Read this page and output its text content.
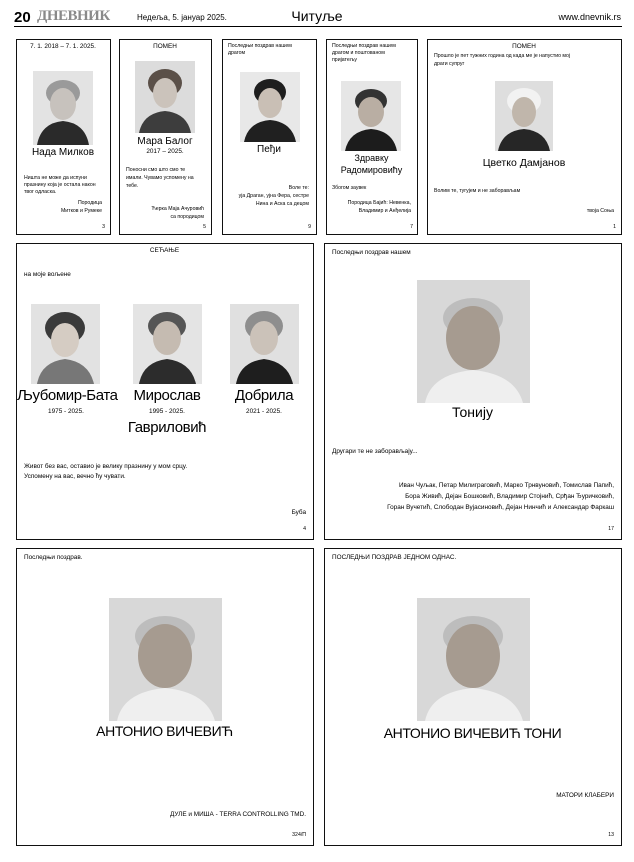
20 ДНЕВНИК	Недеља, 5. јануар 2025.	Читуље	www.dnevnik.rs
7. 1. 2018 – 7. 1. 2025.
Нада Милков
Ништа не може да испуни
празнину која је остала након
твог одласка.
Породица
Митков и Румеке
3
ПОМЕН
Мара Балог
2017 – 2025.
Поносни смо што смо те
имали. Чувамо успомену на
тебе.
Ћерка Мајa Ачуровић
са породицом
5
Последњи поздрав нашем
драгом
Пеђи
Воле те:
ујa Драган, ујна Фера, сестре
Нина и Аска са децом
9
Последњи поздрав нашем
драгом и поштованом
пријатељу
Здравку
Радомировићу
Збогом заувек
Породица Бајић: Невенка,
Владимир и Анђелија
7
ПОМЕН
Прошло је пет тужних година од када ме је напустио мој
драги супруг
Цветко Дамјанов
Волим те, тугујем и не заборављам
твоја Соња
1
СЕЋАЊЕ
на моје вољене
Љубомир-Бата	Мирослав	Добрила
1975 - 2025.	1995 - 2025.	2021 - 2025.
Гавриловић
Живот без вас, оставио је велику празнину у мом срцу.
Успомену на вас, вечно ћу чувати.
Буба
4
Последњи поздрав нашем
Тонију
Другари те не заборављају...
Иван Чуљак, Петар Милиграговић, Марко Трнвуновић, Томислав Папић,
Бора Живић, Дејан Бошковић, Владимир Стојнић, Срђан Ђуричковић,
Горан Вучетић, Слободан Вујасиновић, Дејан Нинчић и Александар Фаркаш
17
Последњи поздрав.
АНТОНИО ВИЧЕВИЋ
ДУЛЕ и МИША - TERRA CONTROLLING TMD.
324/П
ПОСЛЕДЊИ ПОЗДРАВ ЈЕДНОМ ОДНАС.
АНТОНИО ВИЧЕВИЋ ТОНИ
МАТОРИ КЛАБЕРИ
13
